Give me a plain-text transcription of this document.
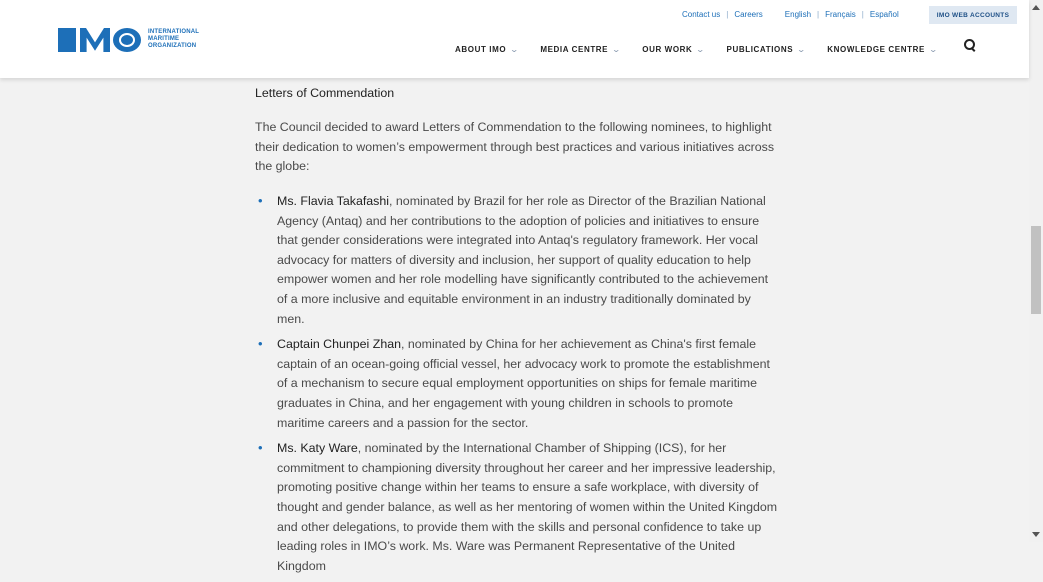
INTERNATIONAL
MARITIME
ORGANIZATION
Contact us | Careers	English | Français | Español	IMO WEB ACCOUNTS
ABOUT IMO ⌄	MEDIA CENTRE ⌄	OUR WORK ⌄	PUBLICATIONS ⌄	KNOWLEDGE CENTRE ⌄

Letters of Commendation

The Council decided to award Letters of Commendation to the following nominees, to highlight their dedication to women’s empowerment through best practices and various initiatives across the globe:

• Ms. Flavia Takafashi, nominated by Brazil for her role as Director of the Brazilian National Agency (Antaq) and her contributions to the adoption of policies and initiatives to ensure that gender considerations were integrated into Antaq's regulatory framework. Her vocal advocacy for matters of diversity and inclusion, her support of quality education to help empower women and her role modelling have significantly contributed to the achievement of a more inclusive and equitable environment in an industry traditionally dominated by men.
• Captain Chunpei Zhan, nominated by China for her achievement as China's first female captain of an ocean-going official vessel, her advocacy work to promote the establishment of a mechanism to secure equal employment opportunities on ships for female maritime graduates in China, and her engagement with young children in schools to promote maritime careers and a passion for the sector.
• Ms. Katy Ware, nominated by the International Chamber of Shipping (ICS), for her commitment to championing diversity throughout her career and her impressive leadership, promoting positive change within her teams to ensure a safe workplace, with diversity of thought and gender balance, as well as her mentoring of women within the United Kingdom and other delegations, to provide them with the skills and personal confidence to take up leading roles in IMO’s work. Ms. Ware was Permanent Representative of the United Kingdom
